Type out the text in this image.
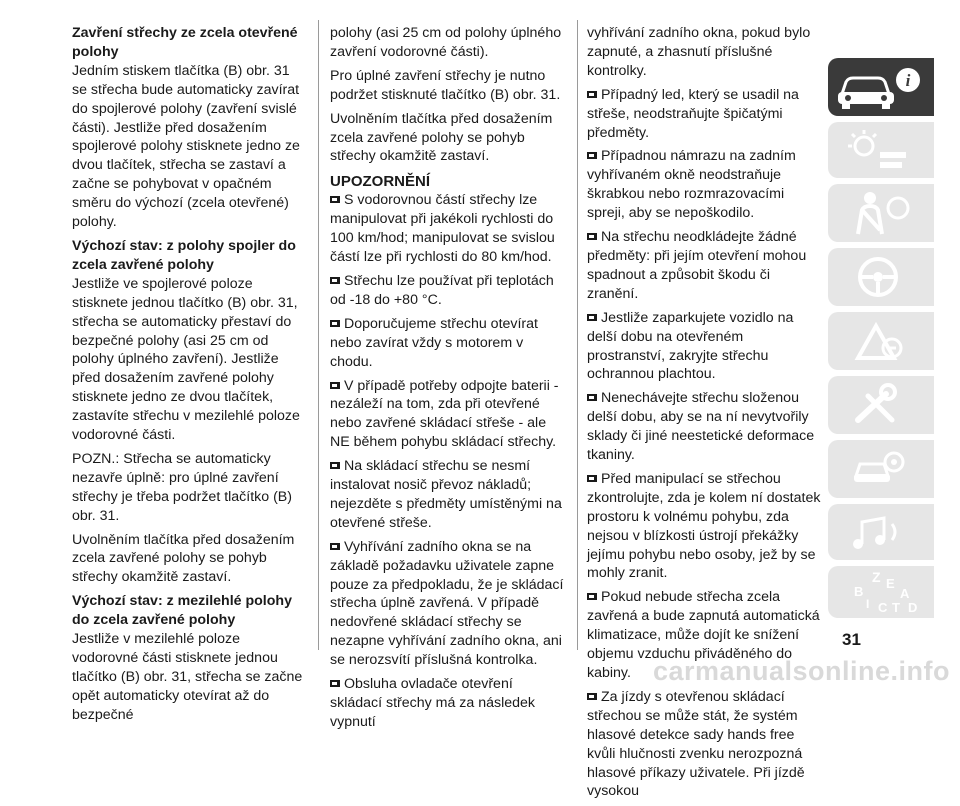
Zavření střechy ze zcela otevřené polohy

Jedním stiskem tlačítka (B) obr. 31 se střecha bude automaticky zavírat do spojlerové polohy (zavření svislé části). Jestliže před dosažením spojlerové polohy stisknete jedno ze dvou tlačítek, střecha se zastaví a začne se pohybovat v opačném směru do výchozí (zcela otevřené) polohy.

Výchozí stav: z polohy spojler do zcela zavřené polohy

Jestliže ve spojlerové poloze stisknete jednou tlačítko (B) obr. 31, střecha se automaticky přestaví do bezpečné polohy (asi 25 cm od polohy úplného zavření). Jestliže před dosažením zavřené polohy stisknete jedno ze dvou tlačítek, zastavíte střechu v mezilehlé poloze vodorovné části.

POZN.: Střecha se automaticky nezavře úplně: pro úplné zavření střechy je třeba podržet tlačítko (B) obr. 31.

Uvolněním tlačítka před dosažením zcela zavřené polohy se pohyb střechy okamžitě zastaví.

Výchozí stav: z mezilehlé polohy do zcela zavřené polohy

Jestliže v mezilehlé poloze vodorovné části stisknete jednou tlačítko (B) obr. 31, střecha se začne opět automaticky otevírat až do bezpečné

polohy (asi 25 cm od polohy úplného zavření vodorovné části).

Pro úplné zavření střechy je nutno podržet stisknuté tlačítko (B) obr. 31.

Uvolněním tlačítka před dosažením zcela zavřené polohy se pohyb střechy okamžitě zastaví.

UPOZORNĚNÍ
S vodorovnou částí střechy lze manipulovat při jakékoli rychlosti do 100 km/hod; manipulovat se svislou částí lze při rychlosti do 80 km/hod.
Střechu lze používat při teplotách od -18 do +80 °C.
Doporučujeme střechu otevírat nebo zavírat vždy s motorem v chodu.
V případě potřeby odpojte baterii - nezáleží na tom, zda při otevřené nebo zavřené skládací střeše - ale NE během pohybu skládací střechy.
Na skládací střechu se nesmí instalovat nosič převoz nákladů; nejezděte s předměty umístěnými na otevřené střeše.
Vyhřívání zadního okna se na základě požadavku uživatele zapne pouze za předpokladu, že je skládací střecha úplně zavřená. V případě nedovřené skládací střechy se nezapne vyhřívání zadního okna, ani se nerozsvítí příslušná kontrolka.
Obsluha ovladače otevření skládací střechy má za následek vypnutí
vyhřívání zadního okna, pokud bylo zapnuté, a zhasnutí příslušné kontrolky.
Případný led, který se usadil na střeše, neodstraňujte špičatými předměty.
Případnou námrazu na zadním vyhřívaném okně neodstraňuje škrabkou nebo rozmrazovacími spreji, aby se nepoškodilo.
Na střechu neodkládejte žádné předměty: při jejím otevření mohou spadnout a způsobit škodu či zranění.
Jestliže zaparkujete vozidlo na delší dobu na otevřeném prostranství, zakryjte střechu ochrannou plachtou.
Nenechávejte střechu složenou delší dobu, aby se na ní nevytvořily sklady či jiné neestetické deformace tkaniny.
Před manipulací se střechou zkontrolujte, zda je kolem ní dostatek prostoru k volnému pohybu, zda nejsou v blízkosti ústrojí překážky jejímu pohybu nebo osoby, jež by se mohly zranit.
Pokud nebude střecha zcela zavřená a bude zapnutá automatická klimatizace, může dojít ke snížení objemu vzduchu přiváděného do kabiny.
Za jízdy s otevřenou skládací střechou se může stát, že systém hlasové detekce sady hands free kvůli hlučnosti zvenku nerozpozná hlasové příkazy uživatele. Při jízdě vysokou
i
Z
B
E
A
I C T D
31
carmanualsonline.info
